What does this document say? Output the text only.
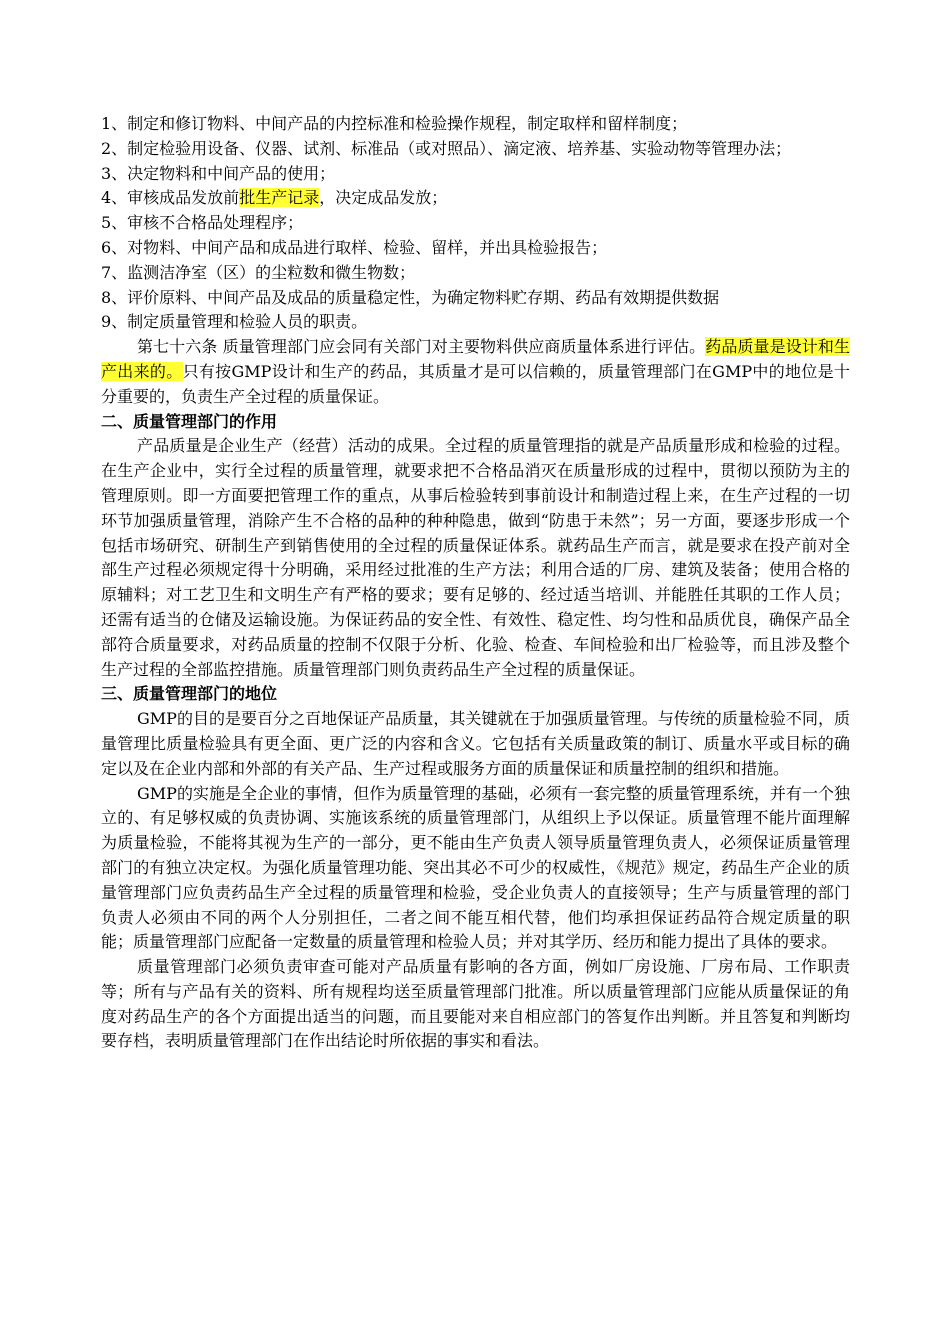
1、制定和修订物料、中间产品的内控标准和检验操作规程，制定取样和留样制度；

2、制定检验用设备、仪器、试剂、标准品（或对照品）、滴定液、培养基、实验动物等管理办法；

3、决定物料和中间产品的使用；

4、审核成品发放前批生产记录，决定成品发放；

5、审核不合格品处理程序；

6、对物料、中间产品和成品进行取样、检验、留样，并出具检验报告；

7、监测洁净室（区）的尘粒数和微生物数；

8、评价原料、中间产品及成品的质量稳定性，为确定物料贮存期、药品有效期提供数据

9、制定质量管理和检验人员的职责。

第七十六条 质量管理部门应会同有关部门对主要物料供应商质量体系进行评估。药品质量是设计和生产出来的。只有按GMP设计和生产的药品，其质量才是可以信赖的，质量管理部门在GMP中的地位是十分重要的，负责生产全过程的质量保证。

二、质量管理部门的作用

产品质量是企业生产（经营）活动的成果。全过程的质量管理指的就是产品质量形成和检验的过程。在生产企业中，实行全过程的质量管理，就要求把不合格品消灭在质量形成的过程中，贯彻以预防为主的管理原则。即一方面要把管理工作的重点，从事后检验转到事前设计和制造过程上来，在生产过程的一切环节加强质量管理，消除产生不合格的品种的种种隐患，做到“防患于未然”；另一方面，要逐步形成一个包括市场研究、研制生产到销售使用的全过程的质量保证体系。就药品生产而言，就是要求在投产前对全部生产过程必须规定得十分明确，采用经过批准的生产方法；利用合适的厂房、建筑及装备；使用合格的原辅料；对工艺卫生和文明生产有严格的要求；要有足够的、经过适当培训、并能胜任其职的工作人员；还需有适当的仓储及运输设施。为保证药品的安全性、有效性、稳定性、均匀性和品质优良，确保产品全部符合质量要求，对药品质量的控制不仅限于分析、化验、检查、车间检验和出厂检验等，而且涉及整个生产过程的全部监控措施。质量管理部门则负责药品生产全过程的质量保证。

三、质量管理部门的地位

GMP的目的是要百分之百地保证产品质量，其关键就在于加强质量管理。与传统的质量检验不同，质量管理比质量检验具有更全面、更广泛的内容和含义。它包括有关质量政策的制订、质量水平或目标的确定以及在企业内部和外部的有关产品、生产过程或服务方面的质量保证和质量控制的组织和措施。

GMP的实施是全企业的事情，但作为质量管理的基础，必须有一套完整的质量管理系统，并有一个独立的、有足够权威的负责协调、实施该系统的质量管理部门，从组织上予以保证。质量管理不能片面理解为质量检验，不能将其视为生产的一部分，更不能由生产负责人领导质量管理负责人，必须保证质量管理部门的有独立决定权。为强化质量管理功能、突出其必不可少的权威性，《规范》规定，药品生产企业的质量管理部门应负责药品生产全过程的质量管理和检验，受企业负责人的直接领导；生产与质量管理的部门负责人必须由不同的两个人分别担任，二者之间不能互相代替，他们均承担保证药品符合规定质量的职能；质量管理部门应配备一定数量的质量管理和检验人员；并对其学历、经历和能力提出了具体的要求。

质量管理部门必须负责审查可能对产品质量有影响的各方面，例如厂房设施、厂房布局、工作职责等；所有与产品有关的资料、所有规程均送至质量管理部门批准。所以质量管理部门应能从质量保证的角度对药品生产的各个方面提出适当的问题，而且要能对来自相应部门的答复作出判断。并且答复和判断均要存档，表明质量管理部门在作出结论时所依据的事实和看法。
